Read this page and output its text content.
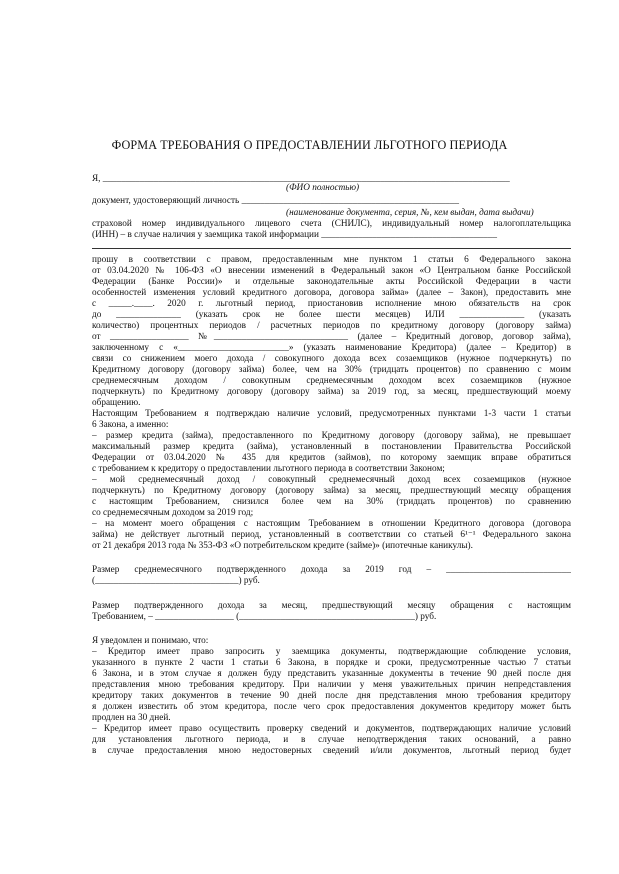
ФОРМА ТРЕБОВАНИЯ О ПРЕДОСТАВЛЕНИИ ЛЬГОТНОГО ПЕРИОДА
Я, ________________________________________________________________________________________
(ФИО полностью)
документ, удостоверяющий личность _______________________________________________
(наименование документа, серия, №, кем выдан, дата выдачи)
страховой номер индивидуального лицевого счета (СНИЛС), индивидуальный номер налогоплательщика
(ИНН) – в случае наличия у заемщика такой информации ______________________________________
прошу в соответствии с правом, предоставленным мне пунктом 1 статьи 6 Федерального закона
от 03.04.2020 № 106-ФЗ «О внесении изменений в Федеральный закон «О Центральном банке Российской
Федерации (Банке России)» и отдельные законодательные акты Российской Федерации в части
особенностей изменения условий кредитного договора, договора займа» (далее – Закон), предоставить мне
с _____.____. 2020 г. льготный период, приостановив исполнение мною обязательств на срок
до ______________ (указать срок не более шести месяцев) ИЛИ ______________ (указать
количество) процентных периодов / расчетных периодов по кредитному договору (договору займа)
от _________________ №_____________________________ (далее – Кредитный договор, договор займа),
заключенному с «________________________» (указать наименование Кредитора) (далее – Кредитор) в
связи со снижением моего дохода / совокупного дохода всех созаемщиков (нужное подчеркнуть) по
Кредитному договору (договору займа) более, чем на 30% (тридцать процентов) по сравнению с моим
среднемесячным доходом / совокупным среднемесячным доходом всех созаемщиков (нужное
подчеркнуть) по Кредитному договору (договору займа) за 2019 год, за месяц, предшествующий моему
обращению.
Настоящим Требованием я подтверждаю наличие условий, предусмотренных пунктами 1-3 части 1 статьи
6 Закона, а именно:
– размер кредита (займа), предоставленного по Кредитному договору (договору займа), не превышает
максимальный размер кредита (займа), установленный в постановлении Правительства Российской
Федерации от 03.04.2020 № 435 для кредитов (займов), по которому заемщик вправе обратиться
с требованием к кредитору о предоставлении льготного периода в соответствии Законом;
– мой среднемесячный доход / совокупный среднемесячный доход всех созаемщиков (нужное
подчеркнуть) по Кредитному договору (договору займа) за месяц, предшествующий месяцу обращения
с настоящим Требованием, снизился более чем на 30% (тридцать процентов) по сравнению
со среднемесячным доходом за 2019 год;
– на момент моего обращения с настоящим Требованием в отношении Кредитного договора (договора
займа) не действует льготный период, установленный в соответствии со статьей 6¹⁻¹ Федерального закона
от 21 декабря 2013 года № 353-ФЗ «О потребительском кредите (займе)» (ипотечные каникулы).
Размер среднемесячного подтвержденного дохода за 2019 год – ___________________________
(_______________________________) руб.
Размер подтвержденного дохода за месяц, предшествующий месяцу обращения с настоящим
Требованием, – _________________ (______________________________________) руб.
Я уведомлен и понимаю, что:
– Кредитор имеет право запросить у заемщика документы, подтверждающие соблюдение условия,
указанного в пункте 2 части 1 статьи 6 Закона, в порядке и сроки, предусмотренные частью 7 статьи
6 Закона, и в этом случае я должен буду представить указанные документы в течение 90 дней после дня
представления мною требования кредитору. При наличии у меня уважительных причин непредставления
кредитору таких документов в течение 90 дней после дня представления мною требования кредитору
я должен известить об этом кредитора, после чего срок предоставления документов кредитору может быть
продлен на 30 дней.
– Кредитор имеет право осуществить проверку сведений и документов, подтверждающих наличие условий
для установления льготного периода, и в случае неподтверждения таких оснований, а равно
в случае предоставления мною недостоверных сведений и/или документов, льготный период будет
